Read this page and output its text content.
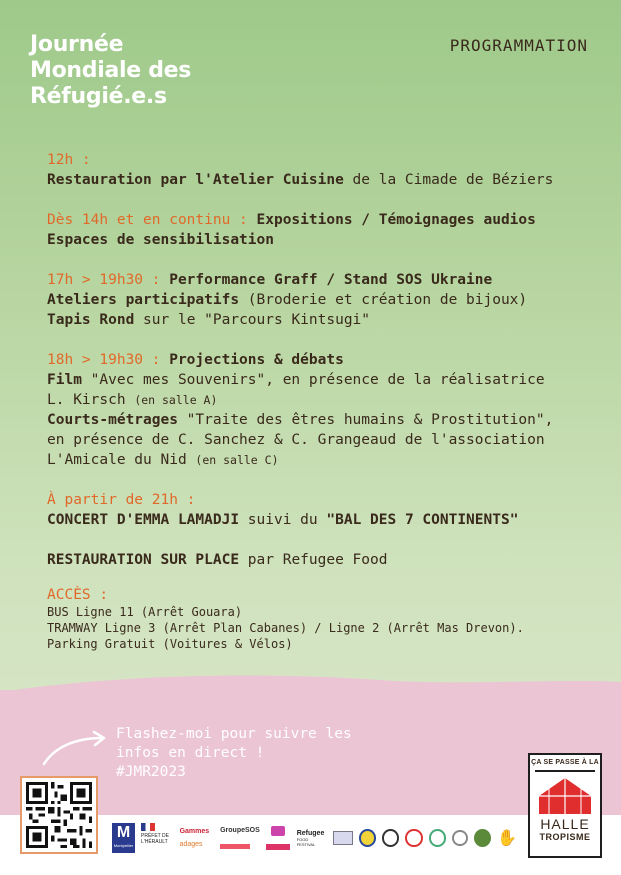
Journée
Mondiale des
Réfugié.e.s
PROGRAMMATION
12h :
Restauration par l'Atelier Cuisine de la Cimade de Béziers
Dès 14h et en continu : Expositions / Témoignages audios
Espaces de sensibilisation
17h > 19h30 : Performance Graff / Stand SOS Ukraine
Ateliers participatifs (Broderie et création de bijoux)
Tapis Rond sur le "Parcours Kintsugi"
18h > 19h30 : Projections & débats
Film "Avec mes Souvenirs", en présence de la réalisatrice
L. Kirsch (en salle A)
Courts-métrages "Traite des êtres humains & Prostitution",
en présence de C. Sanchez & C. Grangeaud de l'association
L'Amicale du Nid (en salle C)
À partir de 21h :
CONCERT D'EMMA LAMADJI suivi du "BAL DES 7 CONTINENTS"
RESTAURATION SUR PLACE par Refugee Food
ACCÈS :
BUS Ligne 11 (Arrêt Gouara)
TRAMWAY Ligne 3 (Arrêt Plan Cabanes) / Ligne 2 (Arrêt Mas Drevon).
Parking Gratuit (Voitures & Vélos)
Flashez-moi pour suivre les
infos en direct !
#JMR2023
M
Montpellier
PRÉFET DE L'HÉRAULT
Gammes
adages
GroupeSOS	Refugee
FOOD FESTIVAL	✋
ÇA SE PASSE À LA
HALLE
TROPISME
